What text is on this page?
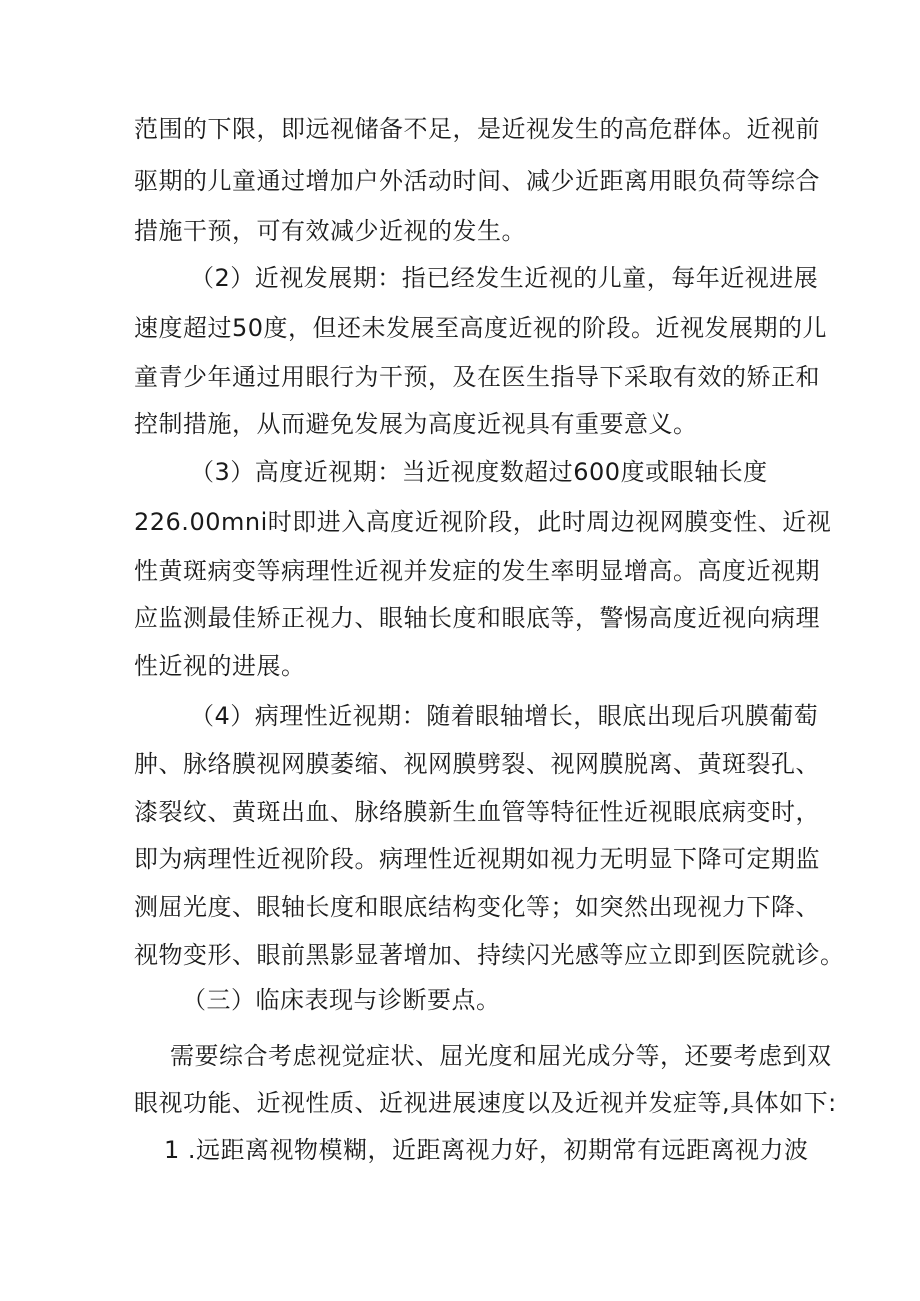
范围的下限，即远视储备不足，是近视发生的高危群体。近视前
驱期的儿童通过增加户外活动时间、减少近距离用眼负荷等综合
措施干预，可有效减少近视的发生。
（2）近视发展期：指已经发生近视的儿童，每年近视进展
速度超过50度，但还未发展至高度近视的阶段。近视发展期的儿
童青少年通过用眼行为干预，及在医生指导下采取有效的矫正和
控制措施，从而避免发展为高度近视具有重要意义。
（3）高度近视期：当近视度数超过600度或眼轴长度
226.00mni时即进入高度近视阶段，此时周边视网膜变性、近视
性黄斑病变等病理性近视并发症的发生率明显增高。高度近视期
应监测最佳矫正视力、眼轴长度和眼底等，警惕高度近视向病理
性近视的进展。
（4）病理性近视期：随着眼轴增长，眼底出现后巩膜葡萄
肿、脉络膜视网膜萎缩、视网膜劈裂、视网膜脱离、黄斑裂孔、
漆裂纹、黄斑出血、脉络膜新生血管等特征性近视眼底病变时，
即为病理性近视阶段。病理性近视期如视力无明显下降可定期监
测屈光度、眼轴长度和眼底结构变化等；如突然出现视力下降、
视物变形、眼前黑影显著增加、持续闪光感等应立即到医院就诊。
（三）临床表现与诊断要点。
需要综合考虑视觉症状、屈光度和屈光成分等，还要考虑到双
眼视功能、近视性质、近视进展速度以及近视并发症等,具体如下:
1 .远距离视物模糊，近距离视力好，初期常有远距离视力波
